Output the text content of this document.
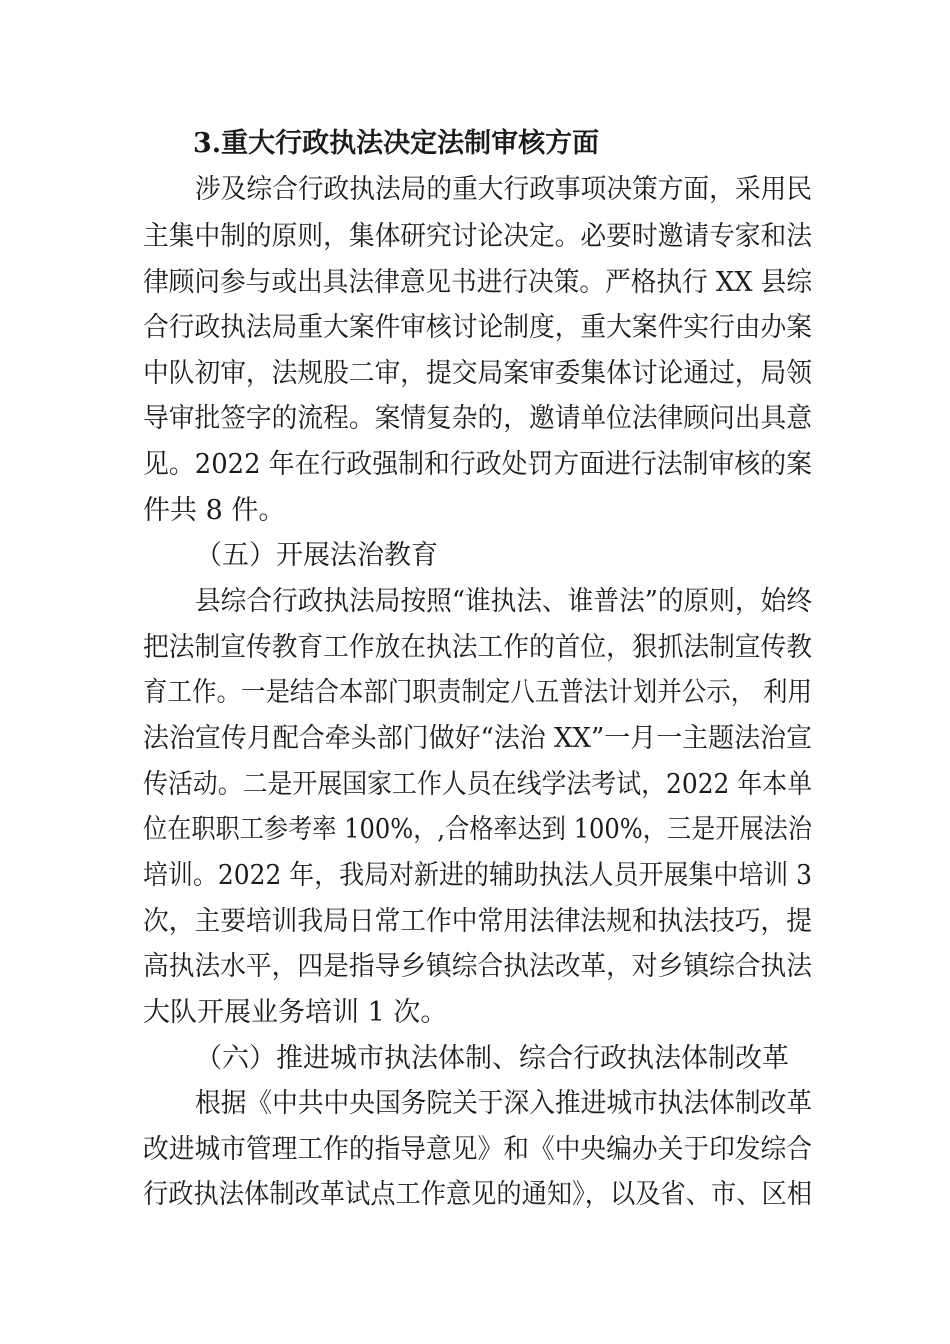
3.重大行政执法决定法制审核方面
涉及综合行政执法局的重大行政事项决策方面，采用民
主集中制的原则，集体研究讨论决定。必要时邀请专家和法
律顾问参与或出具法律意见书进行决策。严格执行 XX 县综
合行政执法局重大案件审核讨论制度，重大案件实行由办案
中队初审，法规股二审，提交局案审委集体讨论通过，局领
导审批签字的流程。案情复杂的，邀请单位法律顾问出具意
见。2022 年在行政强制和行政处罚方面进行法制审核的案
件共 8 件。
（五）开展法治教育
县综合行政执法局按照“谁执法、谁普法”的原则，始终
把法制宣传教育工作放在执法工作的首位，狠抓法制宣传教
育工作。一是结合本部门职责制定八五普法计划并公示， 利用
法治宣传月配合牵头部门做好“法治 XX”一月一主题法治宣
传活动。二是开展国家工作人员在线学法考试，2022 年本单
位在职职工参考率 100%，,合格率达到 100%，三是开展法治
培训。2022 年，我局对新进的辅助执法人员开展集中培训 3
次，主要培训我局日常工作中常用法律法规和执法技巧，提
高执法水平，四是指导乡镇综合执法改革，对乡镇综合执法
大队开展业务培训 1 次。
（六）推进城市执法体制、综合行政执法体制改革
根据《中共中央国务院关于深入推进城市执法体制改革
改进城市管理工作的指导意见》和《中央编办关于印发综合
行政执法体制改革试点工作意见的通知》，以及省、市、区相
